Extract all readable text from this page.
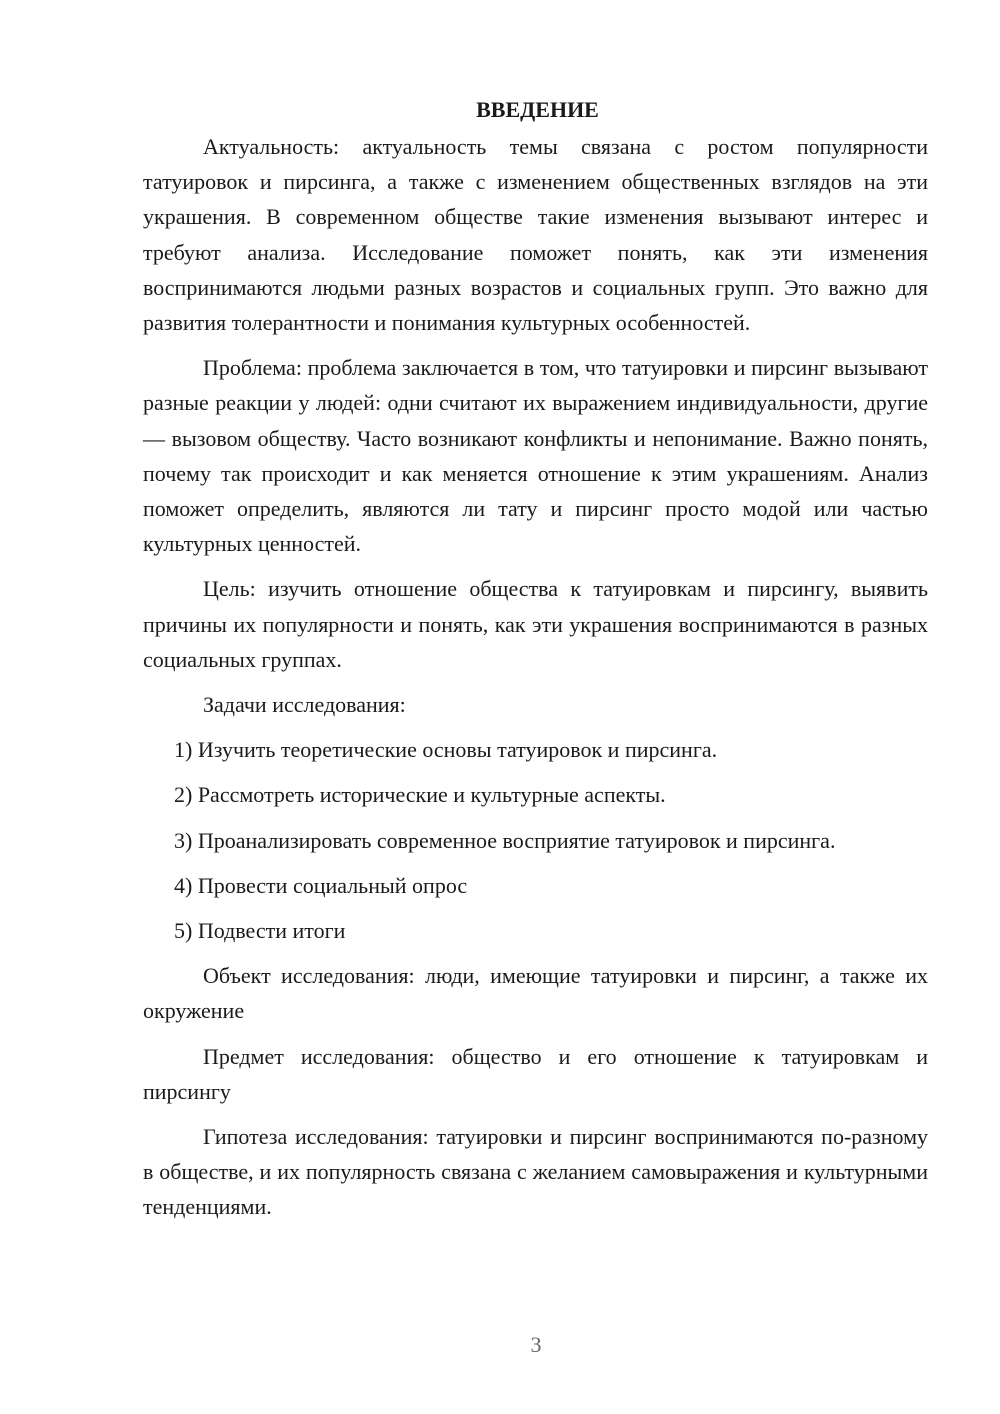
ВВЕДЕНИЕ

Актуальность: актуальность темы связана с ростом популярности татуировок и пирсинга, а также с изменением общественных взглядов на эти украшения. В современном обществе такие изменения вызывают интерес и требуют анализа. Исследование поможет понять, как эти изменения воспринимаются людьми разных возрастов и социальных групп. Это важно для развития толерантности и понимания культурных особенностей.

Проблема: проблема заключается в том, что татуировки и пирсинг вызывают разные реакции у людей: одни считают их выражением индивидуальности, другие — вызовом обществу. Часто возникают конфликты и непонимание. Важно понять, почему так происходит и как меняется отношение к этим украшениям. Анализ поможет определить, являются ли тату и пирсинг просто модой или частью культурных ценностей.

Цель: изучить отношение общества к татуировкам и пирсингу, выявить причины их популярности и понять, как эти украшения воспринимаются в разных социальных группах.

Задачи исследования:

1) Изучить теоретические основы татуировок и пирсинга.
2) Рассмотреть исторические и культурные аспекты.
3) Проанализировать современное восприятие татуировок и пирсинга.
4) Провести социальный опрос
5) Подвести итоги

Объект исследования: люди, имеющие татуировки и пирсинг, а также их окружение

Предмет исследования: общество и его отношение к татуировкам и пирсингу

Гипотеза исследования: татуировки и пирсинг воспринимаются по-разному в обществе, и их популярность связана с желанием самовыражения и культурными тенденциями.

3
